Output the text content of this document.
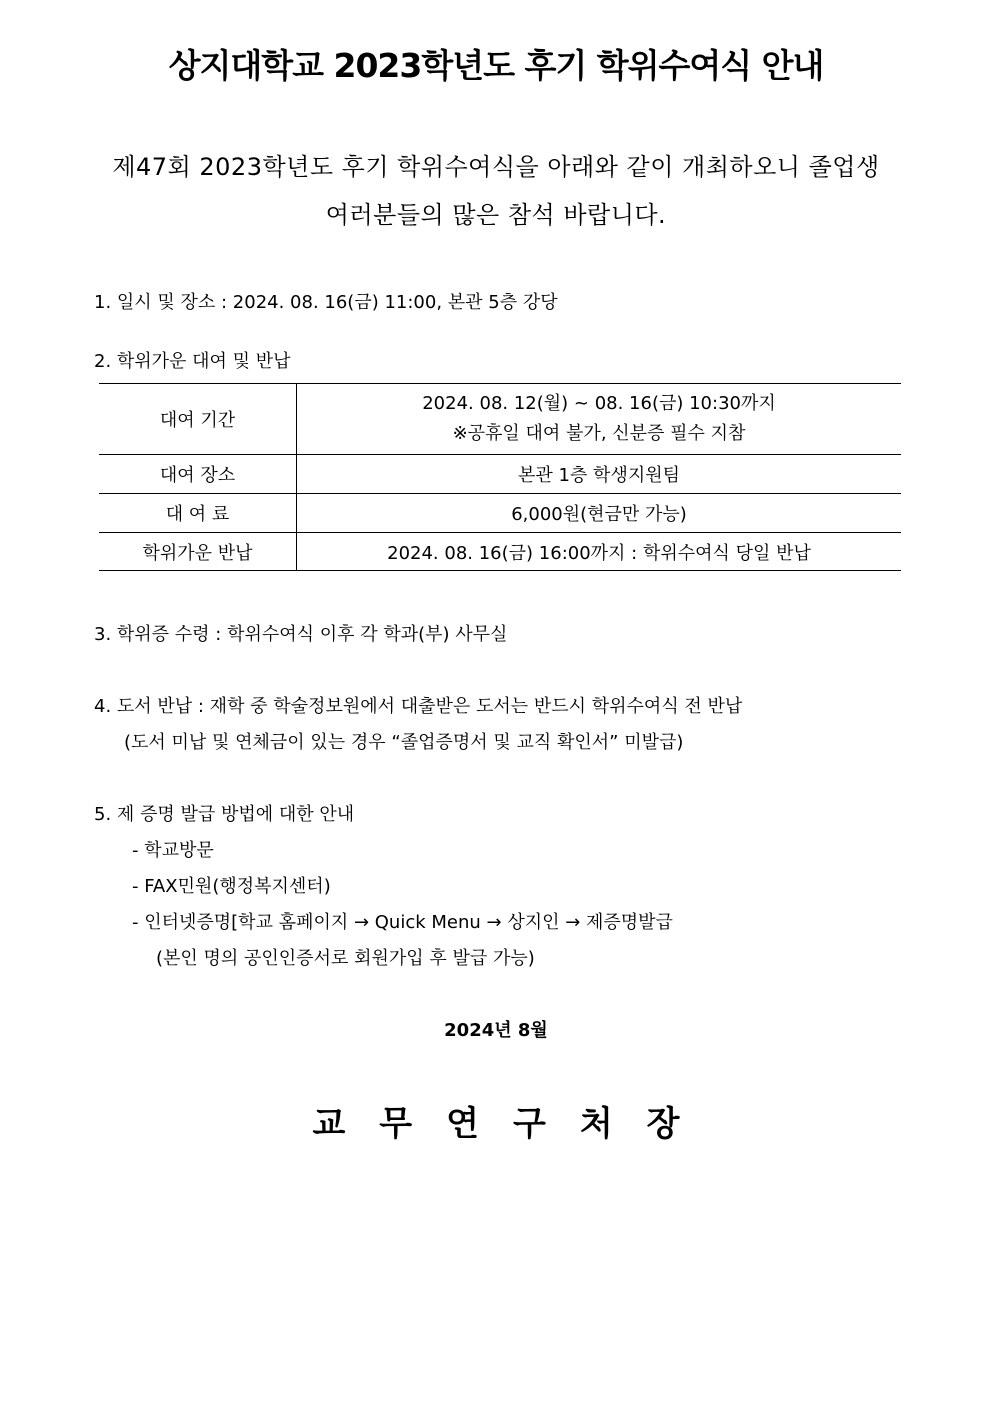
상지대학교 2023학년도 후기 학위수여식 안내
제47회 2023학년도 후기 학위수여식을 아래와 같이 개최하오니 졸업생
여러분들의 많은 참석 바랍니다.
1. 일시 및 장소 : 2024. 08. 16(금) 11:00, 본관 5층 강당
2. 학위가운 대여 및 반납
대여 기간	2024. 08. 12(월) ~ 08. 16(금) 10:30까지
※공휴일 대여 불가, 신분증 필수 지참

대여 장소	본관 1층 학생지원팀
대 여 료	6,000원(현금만 가능)
학위가운 반납	2024. 08. 16(금) 16:00까지 : 학위수여식 당일 반납
3. 학위증 수령 : 학위수여식 이후 각 학과(부) 사무실
4. 도서 반납 : 재학 중 학술정보원에서 대출받은 도서는 반드시 학위수여식 전 반납
(도서 미납 및 연체금이 있는 경우 “졸업증명서 및 교직 확인서” 미발급)
5. 제 증명 발급 방법에 대한 안내
- 학교방문
- FAX민원(행정복지센터)
- 인터넷증명[학교 홈페이지 → Quick Menu → 상지인 → 제증명발급
(본인 명의 공인인증서로 회원가입 후 발급 가능)
2024년 8월
교무연구처장
